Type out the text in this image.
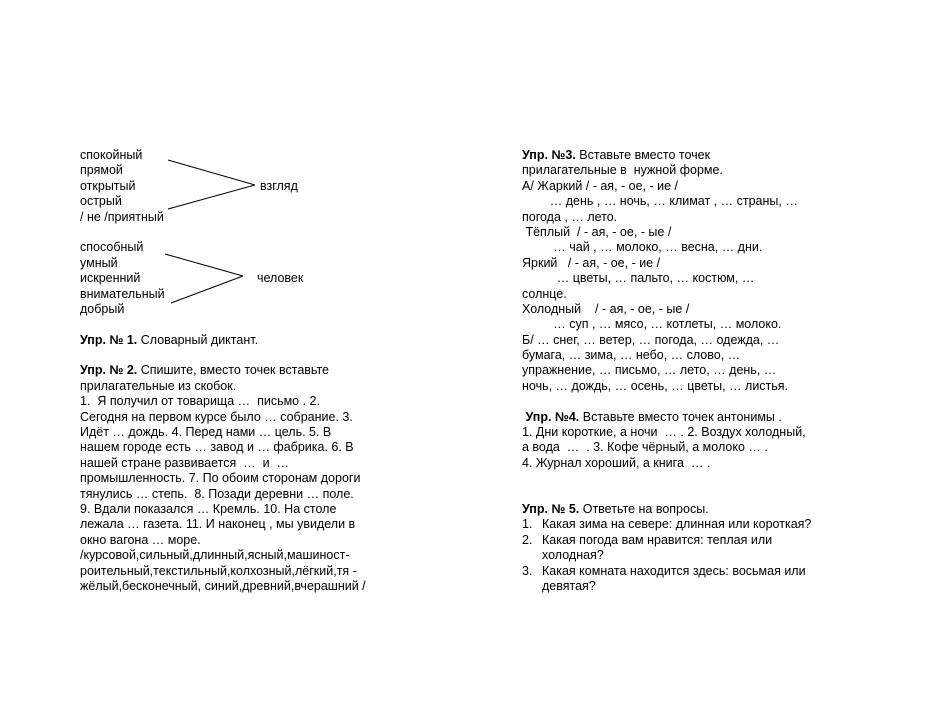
взгляд
человек
спокойный
прямой
открытый
острый
/ не /приятный
способный
умный
искренний
внимательный
добрый
Упр. № 1. Словарный диктант.
Упр. № 2. Спишите, вместо точек вставьте
прилагательные из скобок.
1.  Я получил от товарища …  письмо . 2.
Сегодня на первом курсе было … собрание. 3.
Идёт … дождь. 4. Перед нами … цель. 5. В
нашем городе есть … завод и … фабрика. 6. В
нашей стране развивается  …  и  …
промышленность. 7. По обоим сторонам дороги
тянулись … степь.  8. Позади деревни … поле.
9. Вдали показался … Кремль. 10. На столе
лежала … газета. 11. И наконец , мы увидели в
окно вагона … море.
/курсовой,сильный,длинный,ясный,машиност-
роительный,текстильный,колхозный,лёгкий,тя -
жёлый,бесконечный, синий,древний,вчерашний /
Упр. №3. Вставьте вместо точек
прилагательные в  нужной форме.
А/ Жаркий / - ая, - ое, - ие /
… день , … ночь, … климат , … страны, …
погода , … лето.
Тёплый  / - ая, - ое, - ые /
… чай , … молоко, … весна, … дни.
Яркий   / - ая, - ое, - ие /
… цветы, … пальто, … костюм, …
солнце.
Холодный    / - ая, - ое, - ые /
… суп , … мясо, … котлеты, … молоко.
Б/ … снег, … ветер, … погода, … одежда, …
бумага, … зима, … небо, … слово, …
упражнение, … письмо, … лето, … день, …
ночь, … дождь, … осень, … цветы, … листья.
Упр. №4. Вставьте вместо точек антонимы .
1. Дни короткие, а ночи  … . 2. Воздух холодный,
а вода  …  . 3. Кофе чёрный, а молоко … .
4. Журнал хороший, а книга  … .
Упр. № 5. Ответьте на вопросы.
1. Какая зима на севере: длинная или короткая?
2. Какая погода вам нравится: теплая или
холодная?
3. Какая комната находится здесь: восьмая или
девятая?
